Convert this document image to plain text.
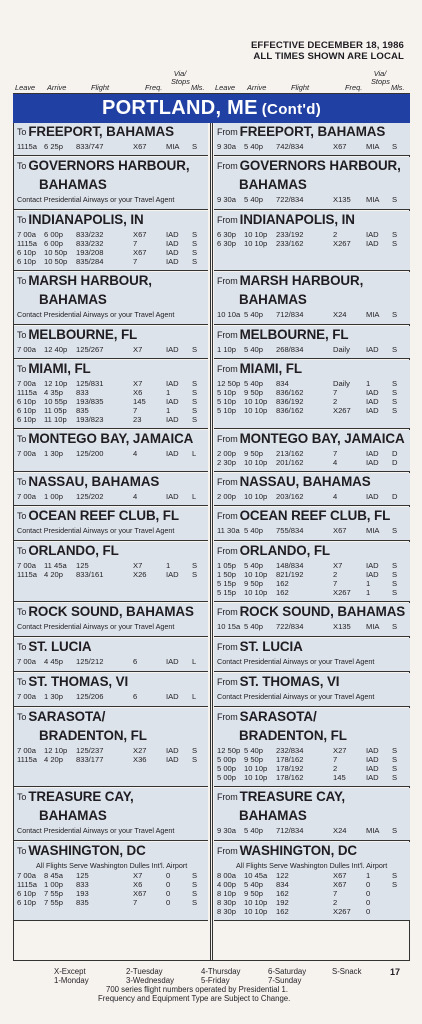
EFFECTIVE DECEMBER 18, 1986
ALL TIMES SHOWN ARE LOCAL
Leave Arrive	Flight	Freq.
Via/ Stops
Mls. Leave Arrive	Flight	Freq.
Via/ Stops
Mls.
PORTLAND, ME (Cont'd)
$^{To}$ FREEPORT, BAHAMAS
1115a 6 25p 833/747	X67	MIA S
$^{From}$ FREEPORT, BAHAMAS
9 30a 5 40p 742/834	X67	MIA S
$^{To}$ GOVERNORS HARBOUR,
BAHAMAS
Contact Presidential Airways or your Travel Agent
$^{From}$ GOVERNORS HARBOUR,
BAHAMAS
9 30a 5 40p 722/834	X135 MIA S
$^{To}$ INDIANAPOLIS, IN
7 00a 6 00p 833/232	X67	IAD S
1115a 6 00p 833/232	7	IAD S
6 10p 10 50p 193/208	X67	IAD S
6 10p 10 50p 835/284	7	IAD S
$^{From}$ INDIANAPOLIS, IN
6 30p 10 10p 233/192	2	IAD S
6 30p 10 10p 233/162	X267 IAD S
$^{To}$ MARSH HARBOUR,
BAHAMAS
Contact Presidential Airways or your Travel Agent
$^{From}$ MARSH HARBOUR,
BAHAMAS
10 10a 5 40p 712/834	X24	MIA S
$^{To}$ MELBOURNE, FL
7 00a 12 40p 125/267	X7	IAD S
$^{From}$ MELBOURNE, FL
1 10p 5 40p 268/834	Daily IAD S
$^{To}$ MIAMI, FL
7 00a 12 10p 125/831	X7	IAD S
1115a 4 35p 833	X6	1	S
6 10p 10 55p 193/835	145	IAD S
6 10p 11 05p 835	7	1	S
6 10p 11 10p 193/823	23	IAD S
$^{From}$ MIAMI, FL
12 50p 5 40p 834	Daily 1	S
5 10p 9 50p 836/162	7	IAD S
5 10p 10 10p 836/192	2	IAD S
5 10p 10 10p 836/162	X267 IAD S
$^{To}$ MONTEGO BAY, JAMAICA
7 00a 1 30p 125/200	4	IAD L
$^{From}$ MONTEGO BAY, JAMAICA
2 00p 9 50p 213/162	7	IAD D
2 30p 10 10p 201/162	4	IAD D
$^{To}$ NASSAU, BAHAMAS
7 00a 1 00p 125/202	4	IAD L
$^{From}$ NASSAU, BAHAMAS
2 00p 10 10p 203/162	4	IAD D
$^{To}$ OCEAN REEF CLUB, FL
Contact Presidential Airways or your Travel Agent
$^{From}$ OCEAN REEF CLUB, FL
11 30a 5 40p 755/834	X67	MIA S
$^{To}$ ORLANDO, FL
7 00a 11 45a 125	X7	1	S
1115a 4 20p 833/161	X26	IAD S
$^{From}$ ORLANDO, FL
1 05p 5 40p 148/834	X7	IAD S
1 50p 10 10p 821/192	2	IAD S
5 15p 9 50p 162	7	1	S
5 15p 10 10p 162	X267 1	S
$^{To}$ ROCK SOUND, BAHAMAS
Contact Presidential Airways or your Travel Agent
$^{From}$ ROCK SOUND, BAHAMAS
10 15a 5 40p 722/834	X135 MIA S
$^{To}$ ST. LUCIA
7 00a 4 45p 125/212	6	IAD L
$^{From}$ ST. LUCIA
Contact Presidential Airways or your Travel Agent
$^{To}$ ST. THOMAS, VI
7 00a 1 30p 125/206	6	IAD L
$^{From}$ ST. THOMAS, VI
Contact Presidential Airways or your Travel Agent
$^{To}$ SARASOTA/
BRADENTON, FL
7 00a 12 10p 125/237	X27	IAD S
1115a 4 20p 833/177	X36	IAD S
$^{From}$ SARASOTA/
BRADENTON, FL
12 50p 5 40p 232/834	X27	IAD S
5 00p 9 50p 178/162	7	IAD S
5 00p 10 10p 178/192	2	IAD S
5 00p 10 10p 178/162	145	IAD S
$^{To}$ TREASURE CAY,
BAHAMAS
Contact Presidential Airways or your Travel Agent
$^{From}$ TREASURE CAY,
BAHAMAS
9 30a 5 40p 712/834	X24	MIA S
$^{To}$ WASHINGTON, DC
All Flights Serve Washington Dulles Int'l. Airport
7 00a 8 45a 125	X7	0	S
1115a 1 00p 833	X6	0	S
6 10p 7 55p 193	X67	0	S
6 10p 7 55p 835	7	0	S
$^{From}$ WASHINGTON, DC
All Flights Serve Washington Dulles Int'l. Airport
8 00a 10 45a 122	X67	1	S
4 00p 5 40p 834	X67	0	S
8 10p 9 50p 162	7	0
8 30p 10 10p 192	2	0
8 30p 10 10p 162	X267 0
X-Except
1-Monday
2-Tuesday
3-Wednesday
4-Thursday
5-Friday
6-Saturday
7-Sunday
S-Snack
700 series flight numbers operated by Presidential 1.
Frequency and Equipment Type are Subject to Change.
17
